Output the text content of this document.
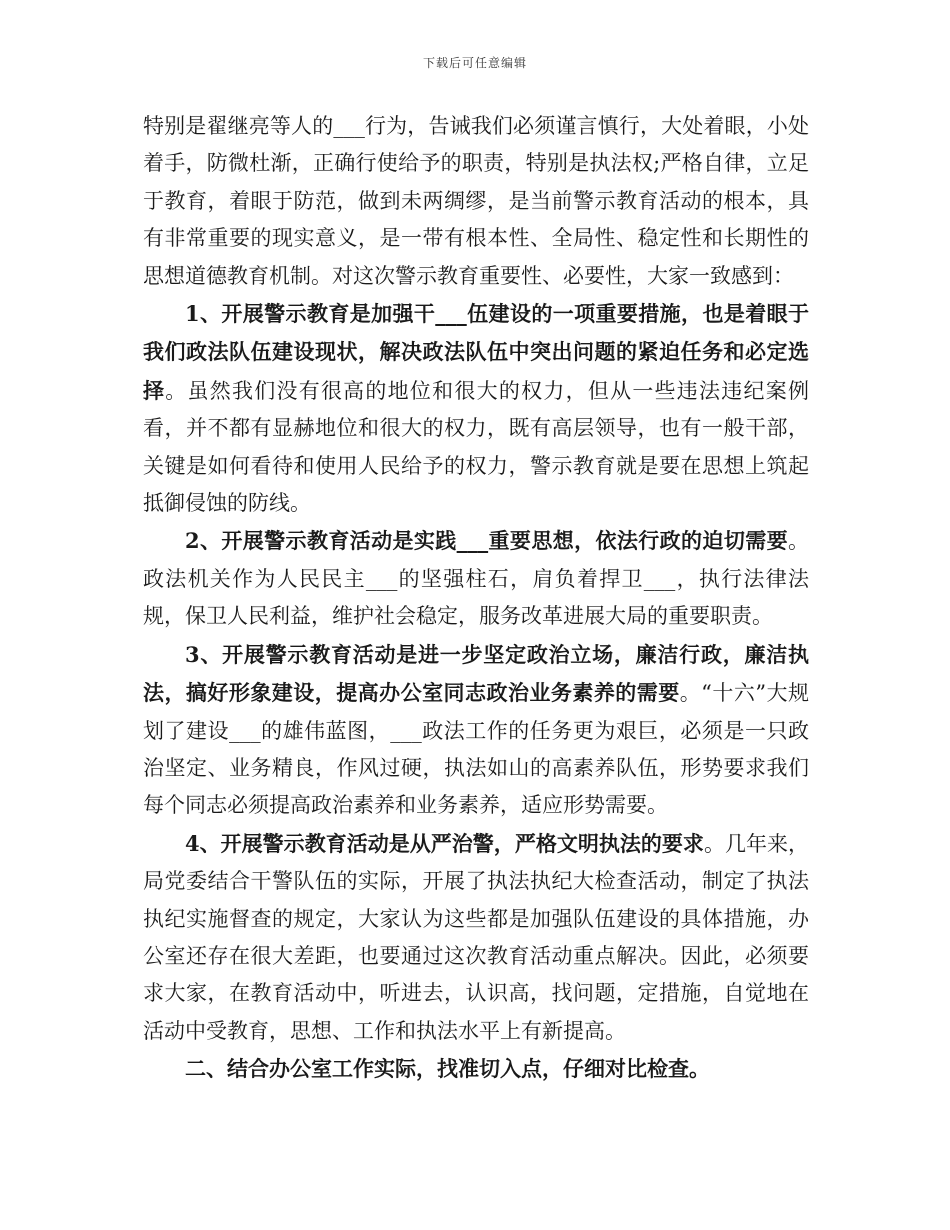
下载后可任意编辑

特别是翟继亮等人的___行为，告诫我们必须谨言慎行，大处着眼，小处着手，防微杜渐，正确行使给予的职责，特别是执法权;严格自律，立足于教育，着眼于防范，做到未两绸缪，是当前警示教育活动的根本，具有非常重要的现实意义，是一带有根本性、全局性、稳定性和长期性的思想道德教育机制。对这次警示教育重要性、必要性，大家一致感到：

1、开展警示教育是加强干___伍建设的一项重要措施，也是着眼于我们政法队伍建设现状，解决政法队伍中突出问题的紧迫任务和必定选择。虽然我们没有很高的地位和很大的权力，但从一些违法违纪案例看，并不都有显赫地位和很大的权力，既有高层领导，也有一般干部，关键是如何看待和使用人民给予的权力，警示教育就是要在思想上筑起抵御侵蚀的防线。

2、开展警示教育活动是实践___重要思想，依法行政的迫切需要。政法机关作为人民民主___的坚强柱石，肩负着捍卫___，执行法律法规，保卫人民利益，维护社会稳定，服务改革进展大局的重要职责。

3、开展警示教育活动是进一步坚定政治立场，廉洁行政，廉洁执法，搞好形象建设，提高办公室同志政治业务素养的需要。“十六”大规划了建设___的雄伟蓝图，___政法工作的任务更为艰巨，必须是一只政治坚定、业务精良，作风过硬，执法如山的高素养队伍，形势要求我们每个同志必须提高政治素养和业务素养，适应形势需要。

4、开展警示教育活动是从严治警，严格文明执法的要求。几年来，局党委结合干警队伍的实际，开展了执法执纪大检查活动，制定了执法执纪实施督查的规定，大家认为这些都是加强队伍建设的具体措施，办公室还存在很大差距，也要通过这次教育活动重点解决。因此，必须要求大家，在教育活动中，听进去，认识高，找问题，定措施，自觉地在活动中受教育，思想、工作和执法水平上有新提高。

二、结合办公室工作实际，找准切入点，仔细对比检查。
